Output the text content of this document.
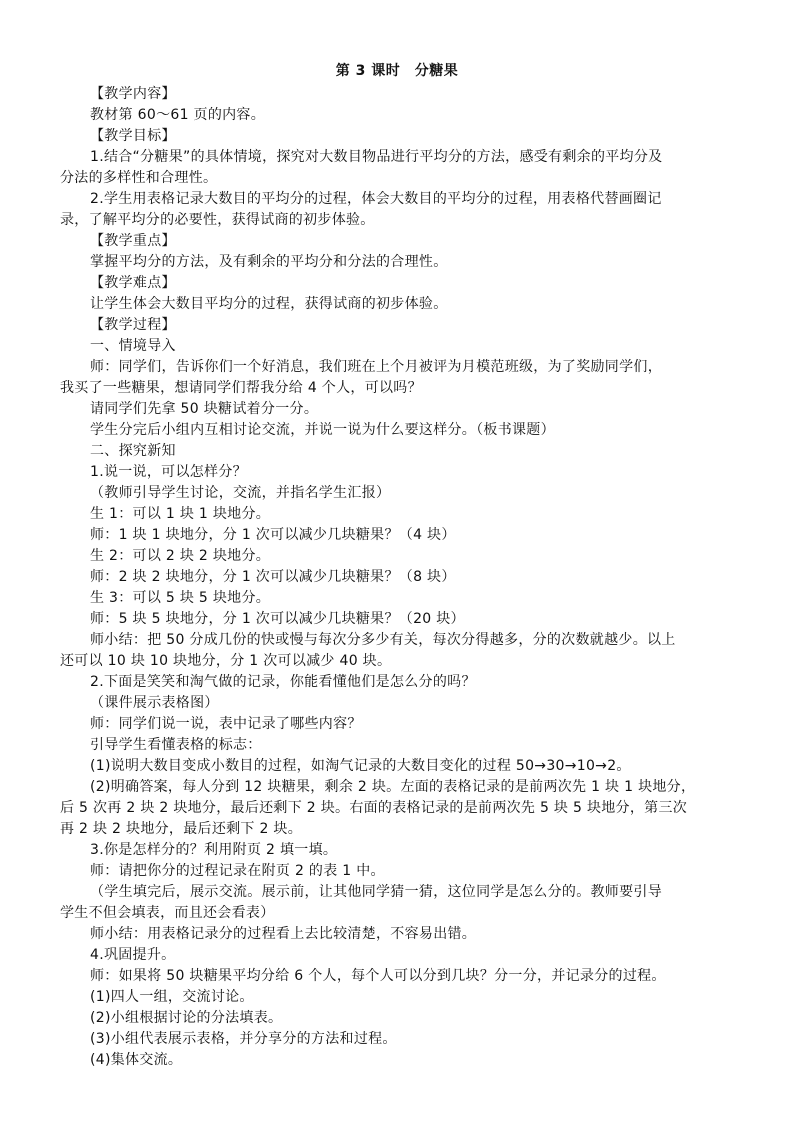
第 3 课时　分糖果
【教学内容】
教材第 60～61 页的内容。
【教学目标】
1.结合“分糖果”的具体情境，探究对大数目物品进行平均分的方法，感受有剩余的平均分及
分法的多样性和合理性。
2.学生用表格记录大数目的平均分的过程，体会大数目的平均分的过程，用表格代替画圈记
录，了解平均分的必要性，获得试商的初步体验。
【教学重点】
掌握平均分的方法，及有剩余的平均分和分法的合理性。
【教学难点】
让学生体会大数目平均分的过程，获得试商的初步体验。
【教学过程】
一、情境导入
师：同学们，告诉你们一个好消息，我们班在上个月被评为月模范班级，为了奖励同学们，
我买了一些糖果，想请同学们帮我分给 4 个人，可以吗？
请同学们先拿 50 块糖试着分一分。
学生分完后小组内互相讨论交流，并说一说为什么要这样分。（板书课题）
二、探究新知
1.说一说，可以怎样分？
（教师引导学生讨论，交流，并指名学生汇报）
生 1：可以 1 块 1 块地分。
师：1 块 1 块地分，分 1 次可以减少几块糖果？（4 块）
生 2：可以 2 块 2 块地分。
师：2 块 2 块地分，分 1 次可以减少几块糖果？（8 块）
生 3：可以 5 块 5 块地分。
师：5 块 5 块地分，分 1 次可以减少几块糖果？（20 块）
师小结：把 50 分成几份的快或慢与每次分多少有关，每次分得越多，分的次数就越少。以上
还可以 10 块 10 块地分，分 1 次可以减少 40 块。
2.下面是笑笑和淘气做的记录，你能看懂他们是怎么分的吗？
（课件展示表格图）
师：同学们说一说，表中记录了哪些内容？
引导学生看懂表格的标志：
(1)说明大数目变成小数目的过程，如淘气记录的大数目变化的过程 50→30→10→2。
(2)明确答案，每人分到 12 块糖果，剩余 2 块。左面的表格记录的是前两次先 1 块 1 块地分，
后 5 次再 2 块 2 块地分，最后还剩下 2 块。右面的表格记录的是前两次先 5 块 5 块地分，第三次
再 2 块 2 块地分，最后还剩下 2 块。
3.你是怎样分的？利用附页 2 填一填。
师：请把你分的过程记录在附页 2 的表 1 中。
（学生填完后，展示交流。展示前，让其他同学猜一猜，这位同学是怎么分的。教师要引导
学生不但会填表，而且还会看表）
师小结：用表格记录分的过程看上去比较清楚，不容易出错。
4.巩固提升。
师：如果将 50 块糖果平均分给 6 个人，每个人可以分到几块？分一分，并记录分的过程。
(1)四人一组，交流讨论。
(2)小组根据讨论的分法填表。
(3)小组代表展示表格，并分享分的方法和过程。
(4)集体交流。
